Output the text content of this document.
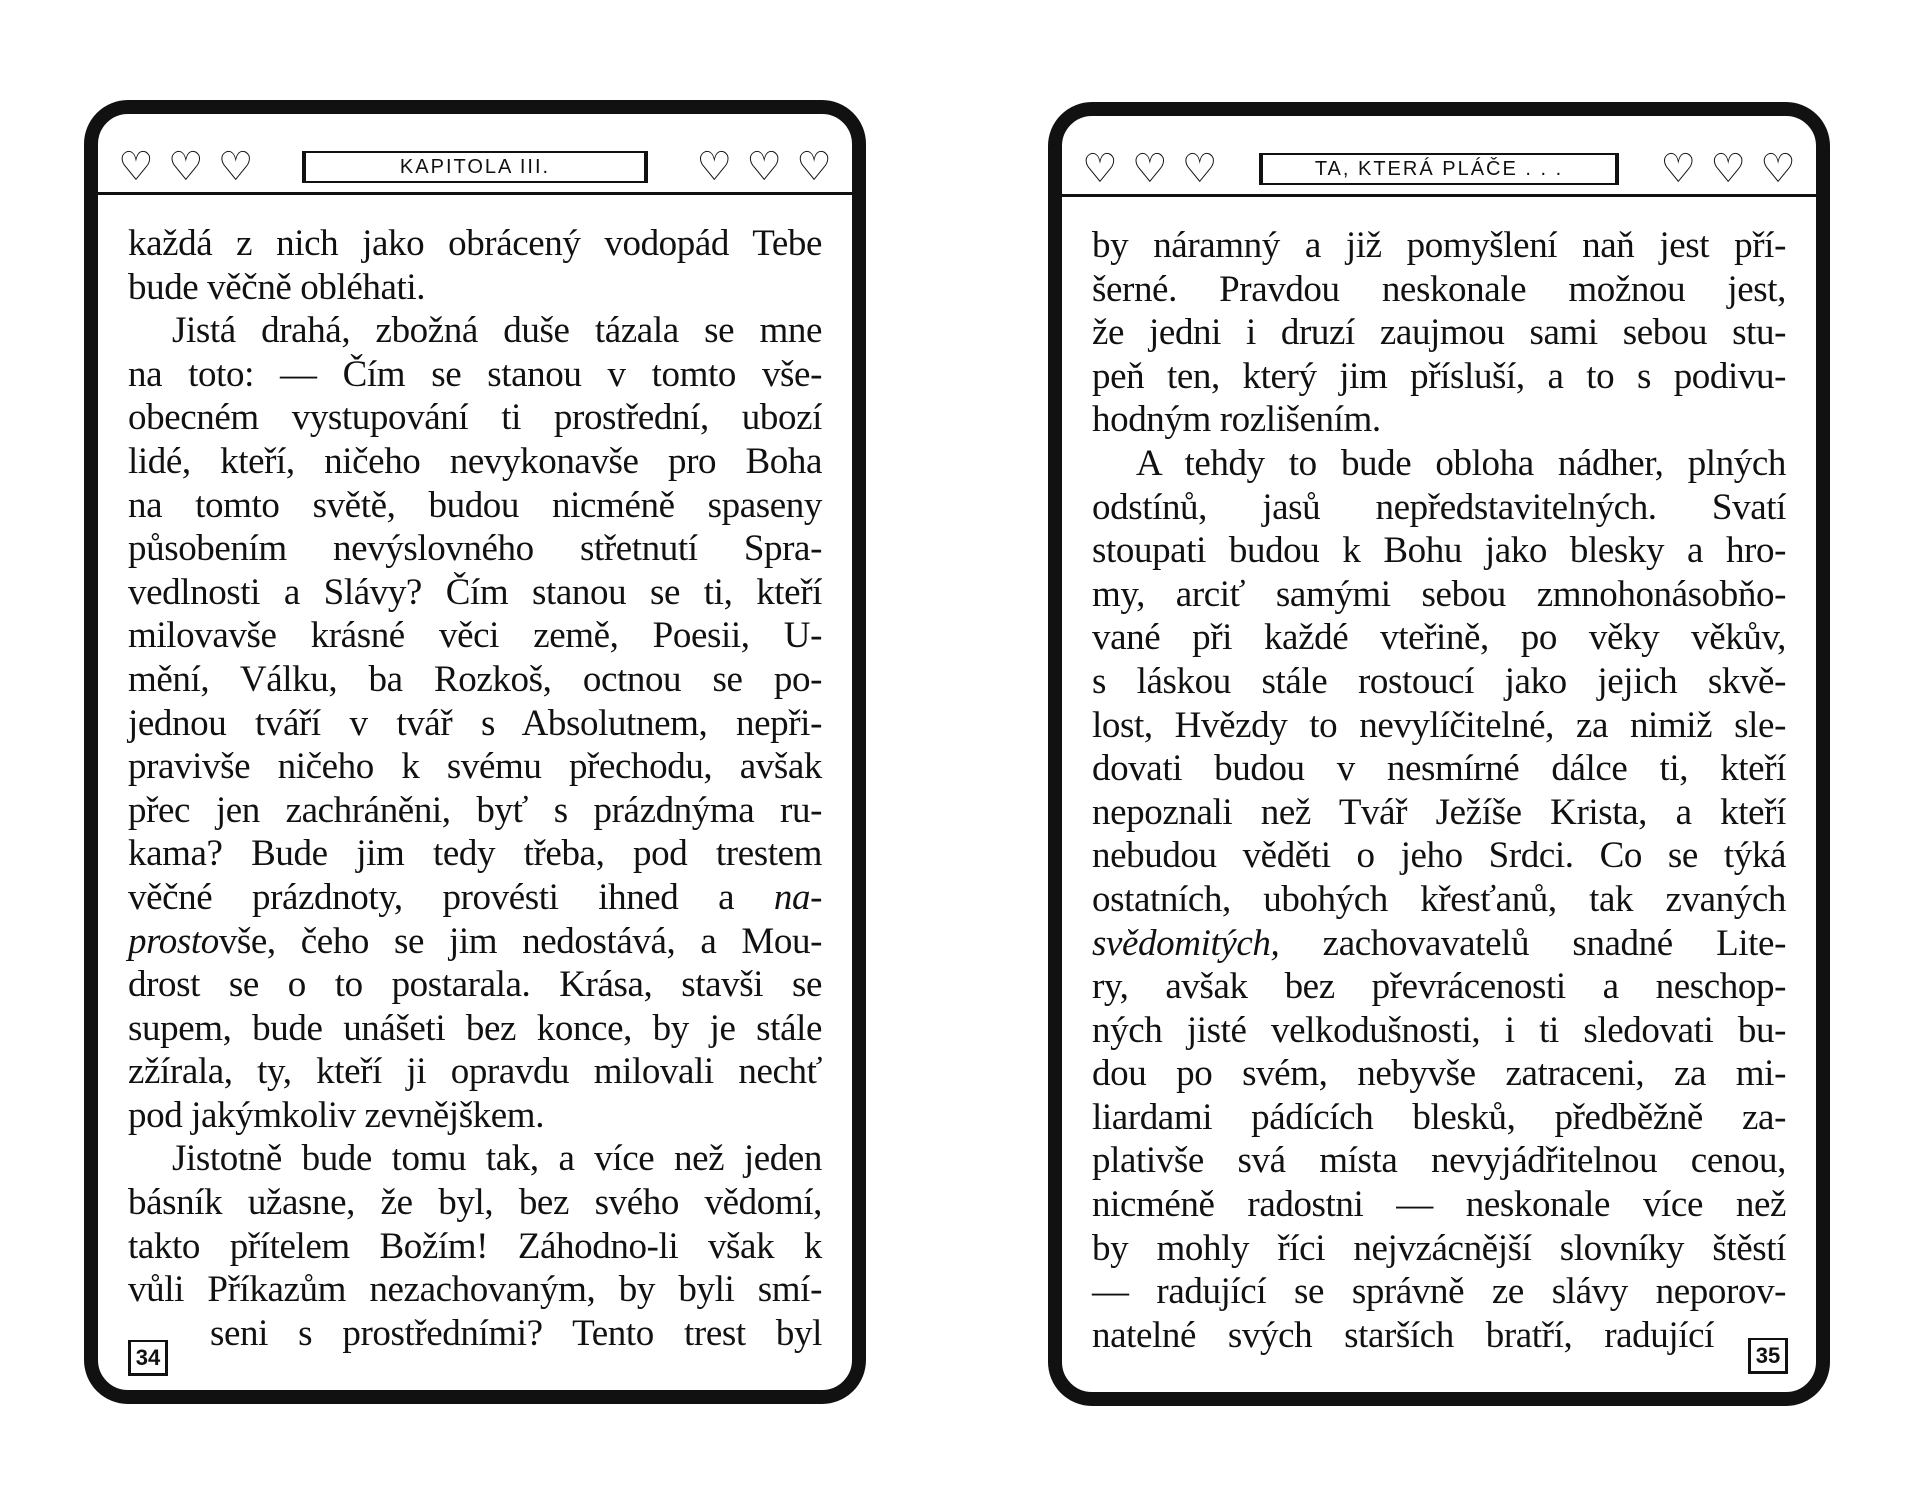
♡ ♡ ♡	KAPITOLA III.	♡ ♡ ♡
každá z nich jako obrácený vodopád Tebe
bude věčně obléhati.
Jistá drahá, zbožná duše tázala se mne
na toto: — Čím se stanou v tomto vše-
obecném vystupování ti prostřední, ubozí
lidé, kteří, ničeho nevykonavše pro Boha
na tomto světě, budou nicméně spaseny
působením nevýslovného střetnutí Spra-
vedlnosti a Slávy? Čím stanou se ti, kteří
milovavše krásné věci země, Poesii, U-
mění, Válku, ba Rozkoš, octnou se po-
jednou tváří v tvář s Absolutnem, nepři-
pravivše ničeho k svému přechodu, avšak
přec jen zachráněni, byť s prázdnýma ru-
kama? Bude jim tedy třeba, pod trestem
věčné prázdnoty, provésti ihned a na-
prostovše, čeho se jim nedostává, a Mou-
drost se o to postarala. Krása, stavši se
supem, bude unášeti bez konce, by je stále
zžírala, ty, kteří ji opravdu milovali nechť
pod jakýmkoliv zevnějškem.
Jistotně bude tomu tak, a více než jeden
básník užasne, že byl, bez svého vědomí,
takto přítelem Božím! Záhodno-li však k
vůli Příkazům nezachovaným, by byli smí-
seni s prostředními? Tento trest byl
34
♡ ♡ ♡	TA, KTERÁ PLÁČE . . .	♡ ♡ ♡
by náramný a již pomyšlení naň jest pří-
šerné. Pravdou neskonale možnou jest,
že jedni i druzí zaujmou sami sebou stu-
peň ten, který jim přísluší, a to s podivu-
hodným rozlišením.
A tehdy to bude obloha nádher, plných
odstínů, jasů nepředstavitelných. Svatí
stoupati budou k Bohu jako blesky a hro-
my, arciť samými sebou zmnohonásobňo-
vané při každé vteřině, po věky věkův,
s láskou stále rostoucí jako jejich skvě-
lost, Hvězdy to nevylíčitelné, za nimiž sle-
dovati budou v nesmírné dálce ti, kteří
nepoznali než Tvář Ježíše Krista, a kteří
nebudou věděti o jeho Srdci. Co se týká
ostatních, ubohých křesťanů, tak zvaných
svědomitých, zachovavatelů snadné Lite-
ry, avšak bez převrácenosti a neschop-
ných jisté velkodušnosti, i ti sledovati bu-
dou po svém, nebyvše zatraceni, za mi-
liardami pádících blesků, předběžně za-
plativše svá místa nevyjádřitelnou cenou,
nicméně radostni — neskonale více než
by mohly říci nejvzácnější slovníky štěstí
— radující se správně ze slávy neporov-
natelné svých starších bratří, radující	35
